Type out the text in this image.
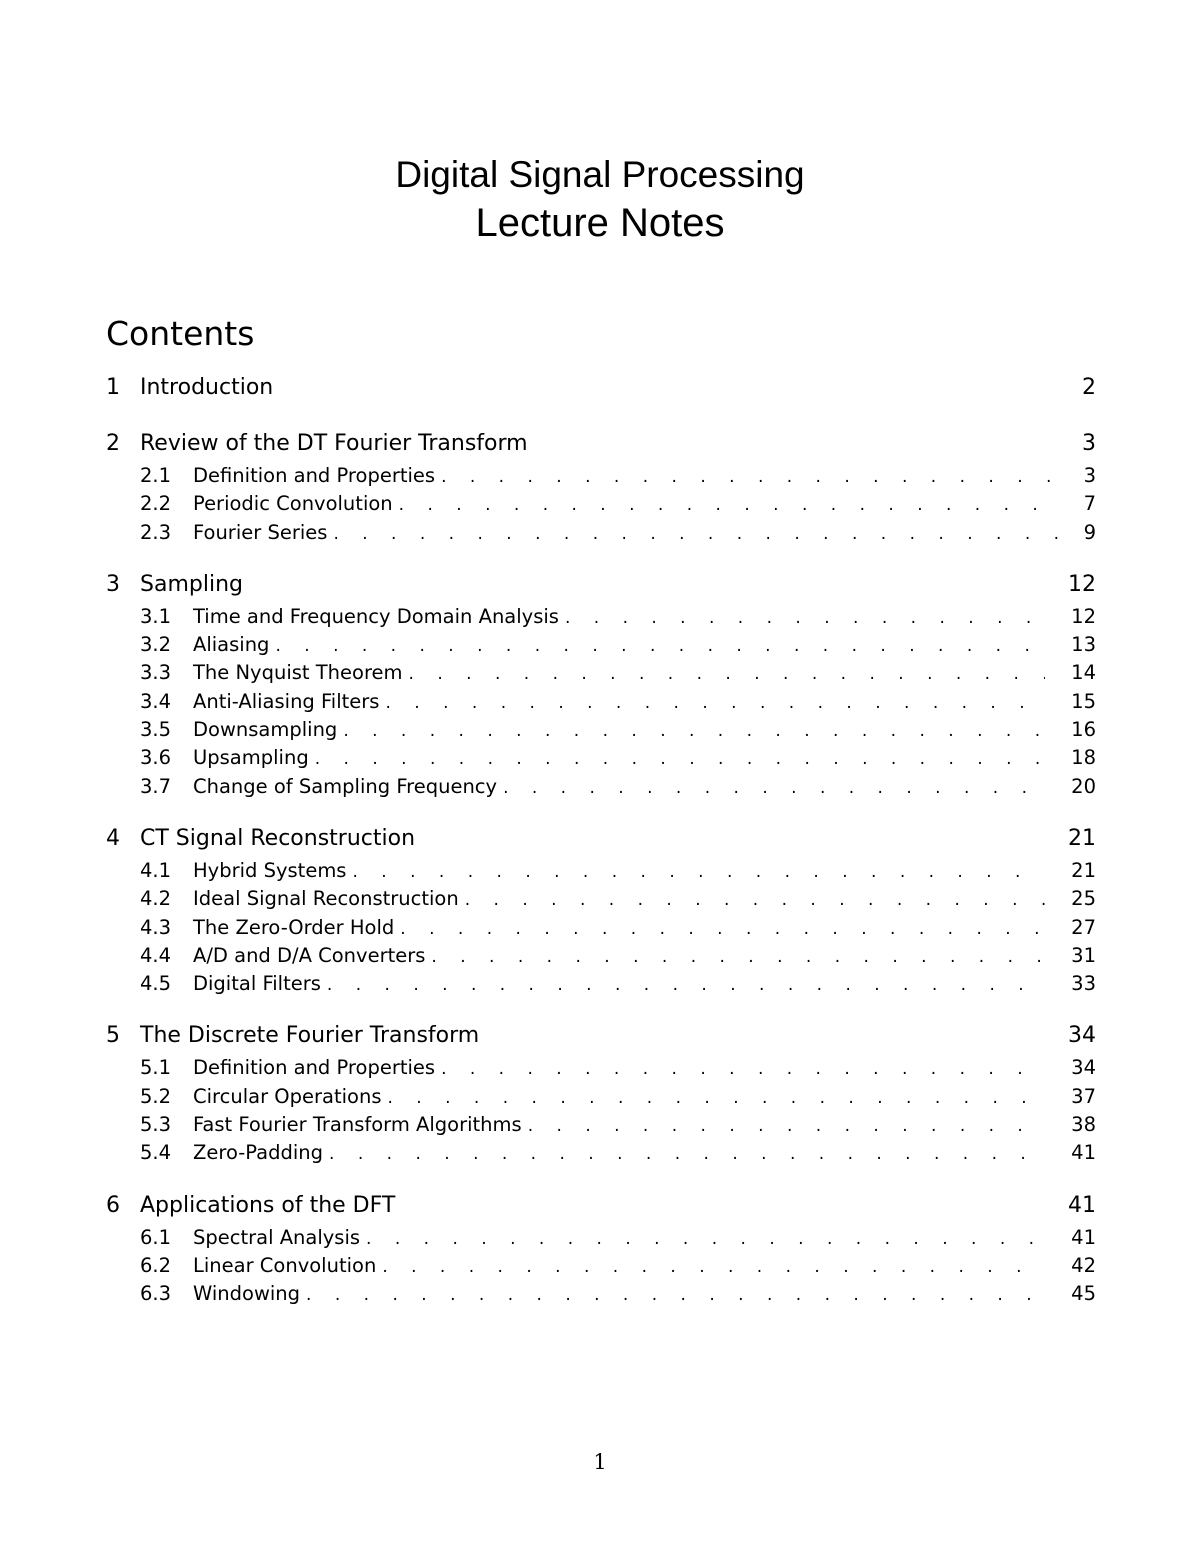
Digital Signal Processing
Lecture Notes
Contents
1 Introduction	2
2 Review of the DT Fourier Transform	3
2.1	Definition and Properties . . .	3
2.2	Periodic Convolution . . .	7
2.3	Fourier Series . . .	9
3 Sampling	12
3.1	Time and Frequency Domain Analysis . . .	12
3.2	Aliasing . . .	13
3.3	The Nyquist Theorem . . .	14
3.4	Anti-Aliasing Filters . . .	15
3.5	Downsampling . . .	16
3.6	Upsampling . . .	18
3.7	Change of Sampling Frequency . . .	20
4 CT Signal Reconstruction	21
4.1	Hybrid Systems . . .	21
4.2	Ideal Signal Reconstruction . . .	25
4.3	The Zero-Order Hold . . .	27
4.4	A/D and D/A Converters . . .	31
4.5	Digital Filters . . .	33
5 The Discrete Fourier Transform	34
5.1	Definition and Properties . . .	34
5.2	Circular Operations . . .	37
5.3	Fast Fourier Transform Algorithms . . .	38
5.4	Zero-Padding . . .	41
6 Applications of the DFT	41
6.1	Spectral Analysis . . .	41
6.2	Linear Convolution . . .	42
6.3	Windowing . . .	45
1
